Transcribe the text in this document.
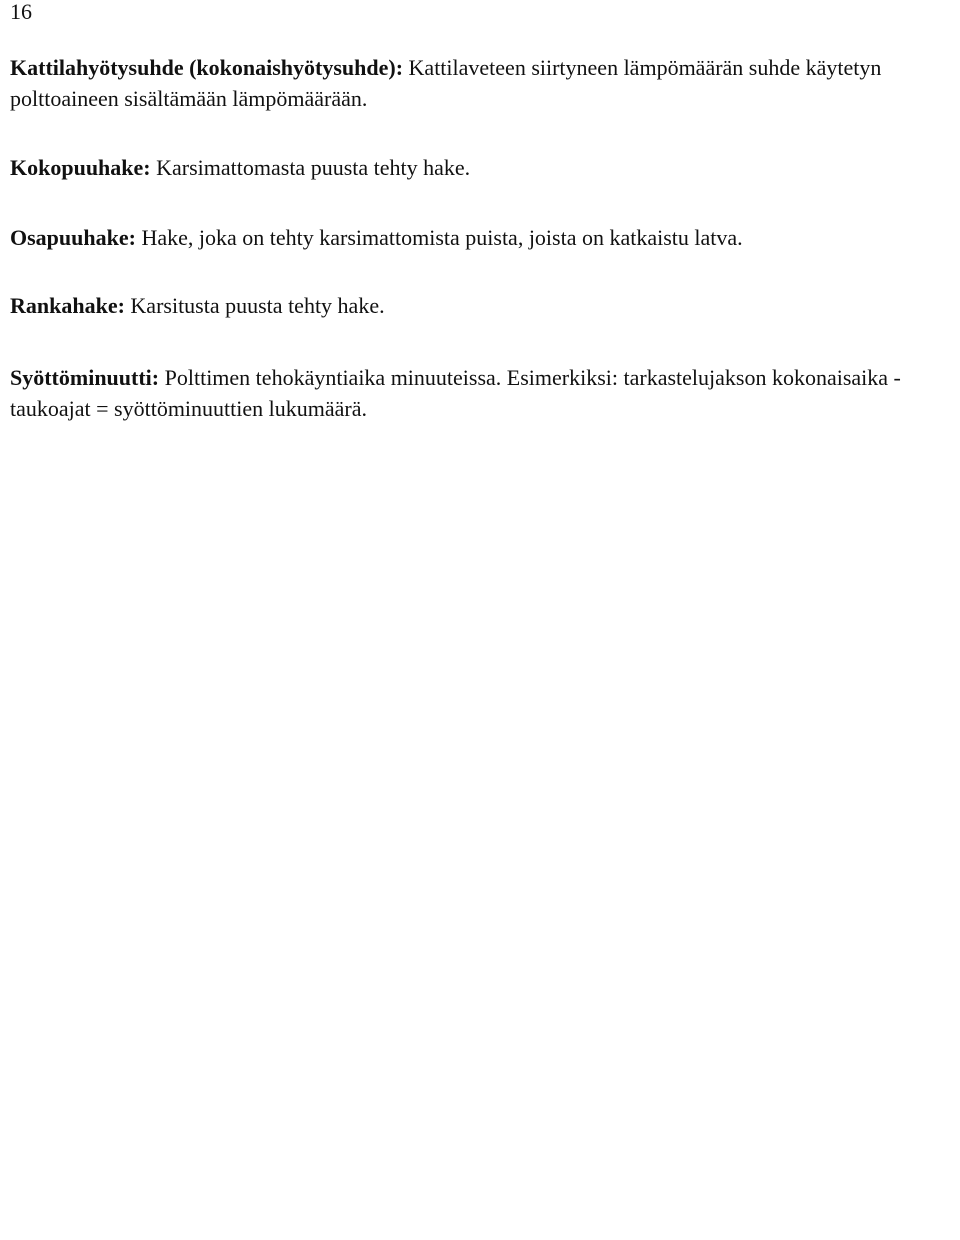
16

Kattilahyötysuhde (kokonaishyötysuhde): Kattilaveteen siirtyneen lämpömäärän suhde käytetyn polttoaineen sisältämään lämpömäärään.

Kokopuuhake: Karsimattomasta puusta tehty hake.

Osapuuhake: Hake, joka on tehty karsimattomista puista, joista on katkaistu latva.

Rankahake: Karsitusta puusta tehty hake.

Syöttöminuutti: Polttimen tehokäyntiaika minuuteissa. Esimerkiksi: tarkastelujakson kokonaisaika - taukoajat = syöttöminuuttien lukumäärä.
